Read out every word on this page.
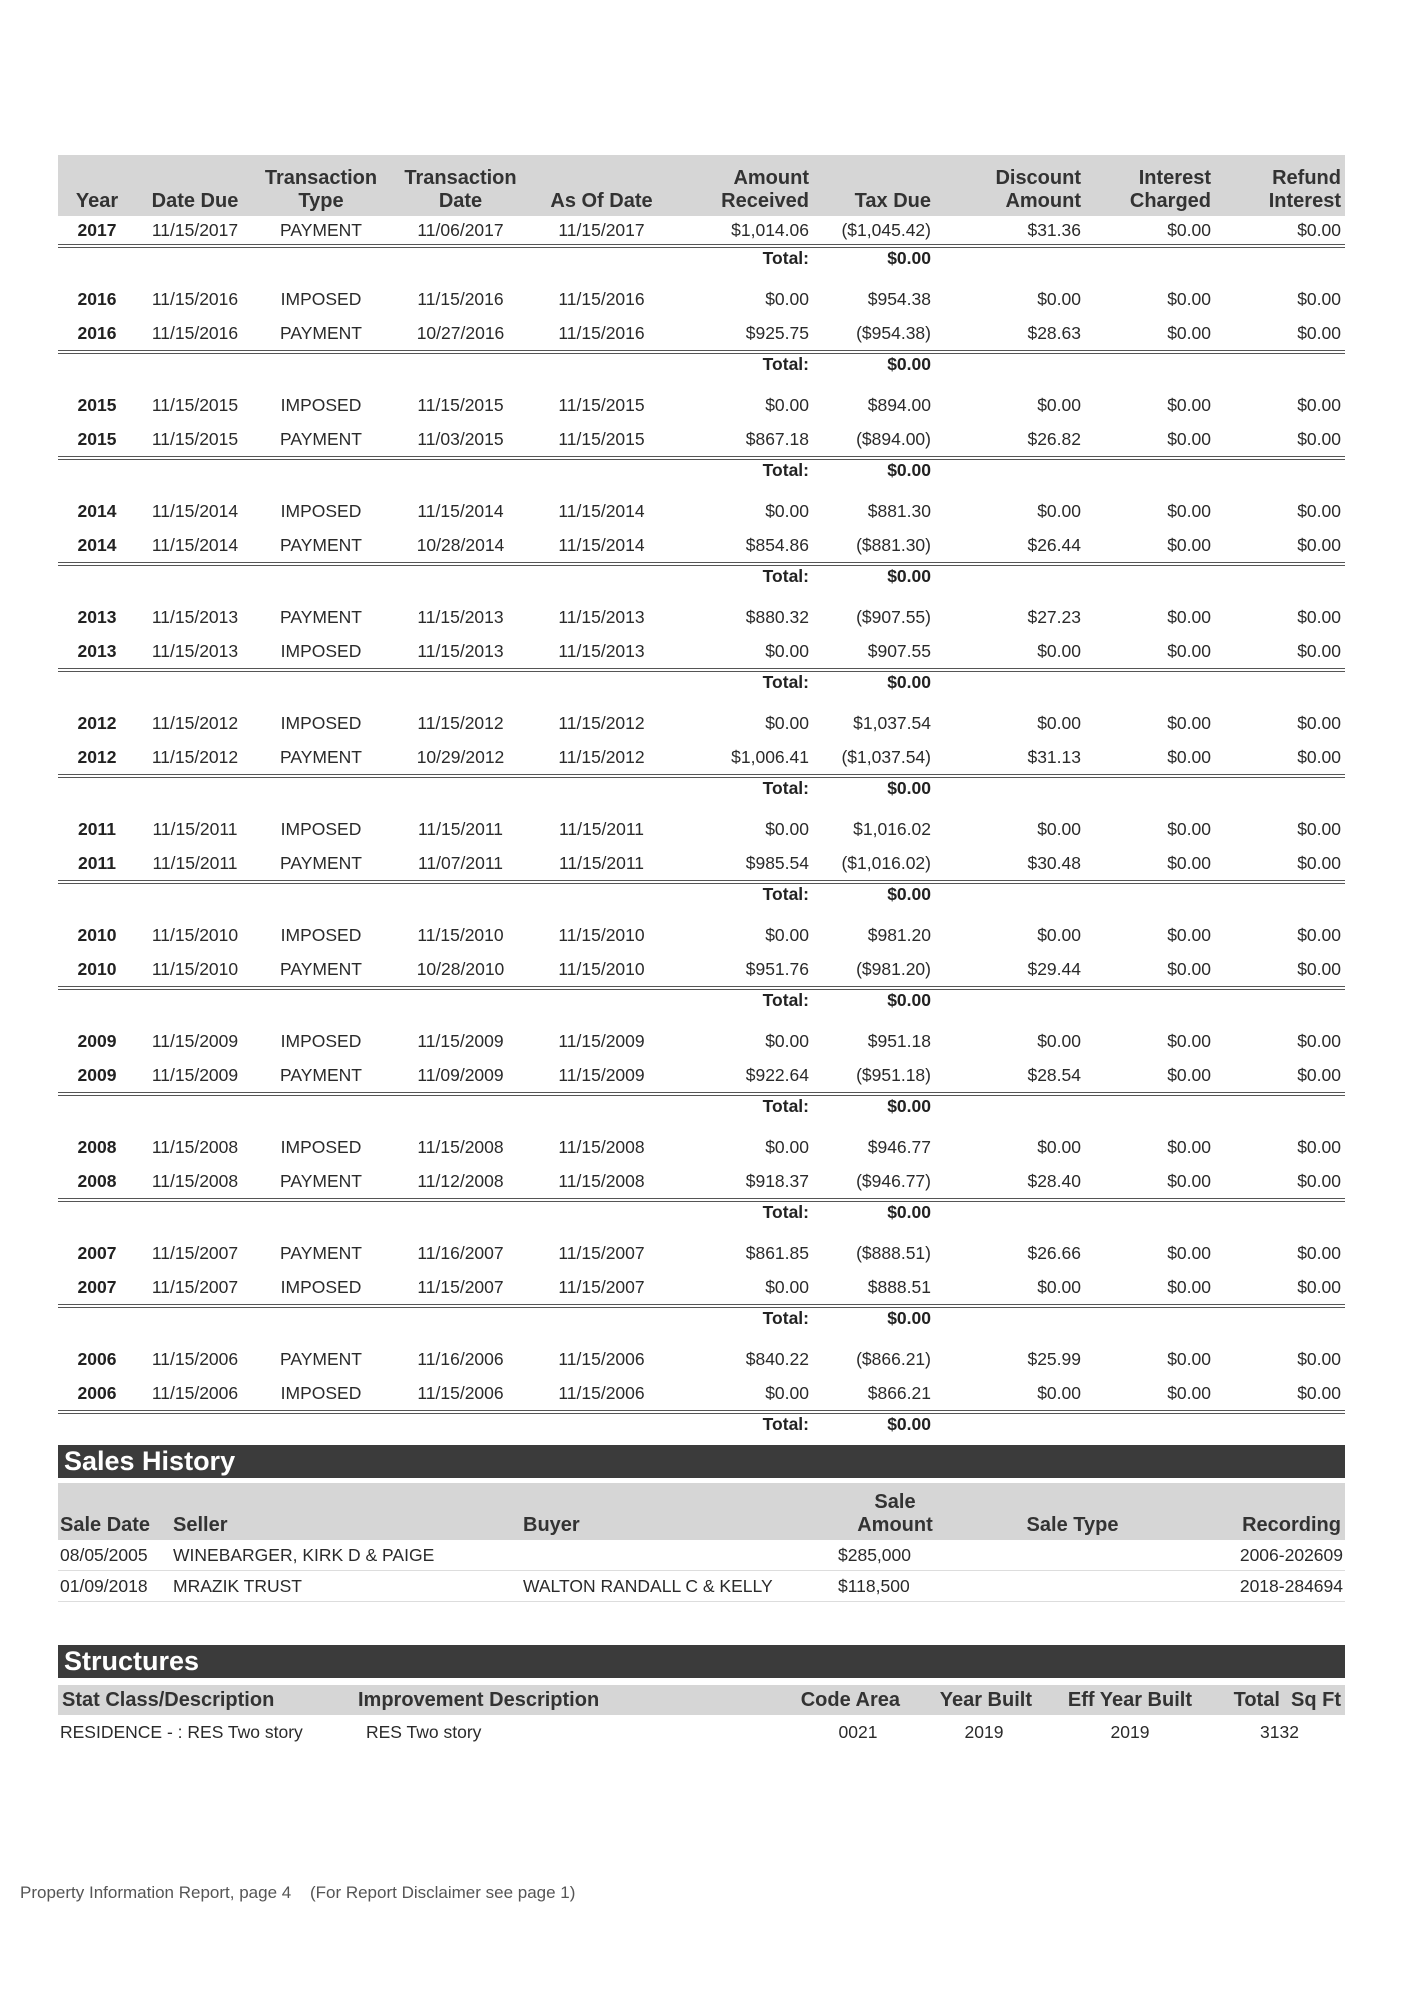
Year	Date Due	Transaction Type	Transaction Date	As Of Date	Amount Received	Tax Due	Discount Amount	Interest Charged	Refund Interest
2017	11/15/2017	PAYMENT	11/06/2017	11/15/2017	$1,014.06	($1,045.42)	$31.36	$0.00	$0.00
					Total:	$0.00			

2016	11/15/2016	IMPOSED	11/15/2016	11/15/2016	$0.00	$954.38	$0.00	$0.00	$0.00
2016	11/15/2016	PAYMENT	10/27/2016	11/15/2016	$925.75	($954.38)	$28.63	$0.00	$0.00
					Total:	$0.00			

2015	11/15/2015	IMPOSED	11/15/2015	11/15/2015	$0.00	$894.00	$0.00	$0.00	$0.00
2015	11/15/2015	PAYMENT	11/03/2015	11/15/2015	$867.18	($894.00)	$26.82	$0.00	$0.00
					Total:	$0.00			

2014	11/15/2014	IMPOSED	11/15/2014	11/15/2014	$0.00	$881.30	$0.00	$0.00	$0.00
2014	11/15/2014	PAYMENT	10/28/2014	11/15/2014	$854.86	($881.30)	$26.44	$0.00	$0.00
					Total:	$0.00			

2013	11/15/2013	PAYMENT	11/15/2013	11/15/2013	$880.32	($907.55)	$27.23	$0.00	$0.00
2013	11/15/2013	IMPOSED	11/15/2013	11/15/2013	$0.00	$907.55	$0.00	$0.00	$0.00
					Total:	$0.00			

2012	11/15/2012	IMPOSED	11/15/2012	11/15/2012	$0.00	$1,037.54	$0.00	$0.00	$0.00
2012	11/15/2012	PAYMENT	10/29/2012	11/15/2012	$1,006.41	($1,037.54)	$31.13	$0.00	$0.00
					Total:	$0.00			

2011	11/15/2011	IMPOSED	11/15/2011	11/15/2011	$0.00	$1,016.02	$0.00	$0.00	$0.00
2011	11/15/2011	PAYMENT	11/07/2011	11/15/2011	$985.54	($1,016.02)	$30.48	$0.00	$0.00
					Total:	$0.00			

2010	11/15/2010	IMPOSED	11/15/2010	11/15/2010	$0.00	$981.20	$0.00	$0.00	$0.00
2010	11/15/2010	PAYMENT	10/28/2010	11/15/2010	$951.76	($981.20)	$29.44	$0.00	$0.00
					Total:	$0.00			

2009	11/15/2009	IMPOSED	11/15/2009	11/15/2009	$0.00	$951.18	$0.00	$0.00	$0.00
2009	11/15/2009	PAYMENT	11/09/2009	11/15/2009	$922.64	($951.18)	$28.54	$0.00	$0.00
					Total:	$0.00			

2008	11/15/2008	IMPOSED	11/15/2008	11/15/2008	$0.00	$946.77	$0.00	$0.00	$0.00
2008	11/15/2008	PAYMENT	11/12/2008	11/15/2008	$918.37	($946.77)	$28.40	$0.00	$0.00
					Total:	$0.00			

2007	11/15/2007	PAYMENT	11/16/2007	11/15/2007	$861.85	($888.51)	$26.66	$0.00	$0.00
2007	11/15/2007	IMPOSED	11/15/2007	11/15/2007	$0.00	$888.51	$0.00	$0.00	$0.00
					Total:	$0.00			

2006	11/15/2006	PAYMENT	11/16/2006	11/15/2006	$840.22	($866.21)	$25.99	$0.00	$0.00
2006	11/15/2006	IMPOSED	11/15/2006	11/15/2006	$0.00	$866.21	$0.00	$0.00	$0.00
					Total:	$0.00			
Sales History
Sale Date	Seller	Buyer	Sale Amount	Sale Type	Recording
08/05/2005	WINEBARGER, KIRK D & PAIGE		$285,000		2006-202609
01/09/2018	MRAZIK TRUST	WALTON RANDALL C & KELLY	$118,500		2018-284694
Structures
Stat Class/Description	Improvement Description	Code Area	Year Built	Eff Year Built	Total  Sq Ft
RESIDENCE - : RES Two story	RES Two story	0021	2019	2019	3132
Property Information Report, page 4 (For Report Disclaimer see page 1)
